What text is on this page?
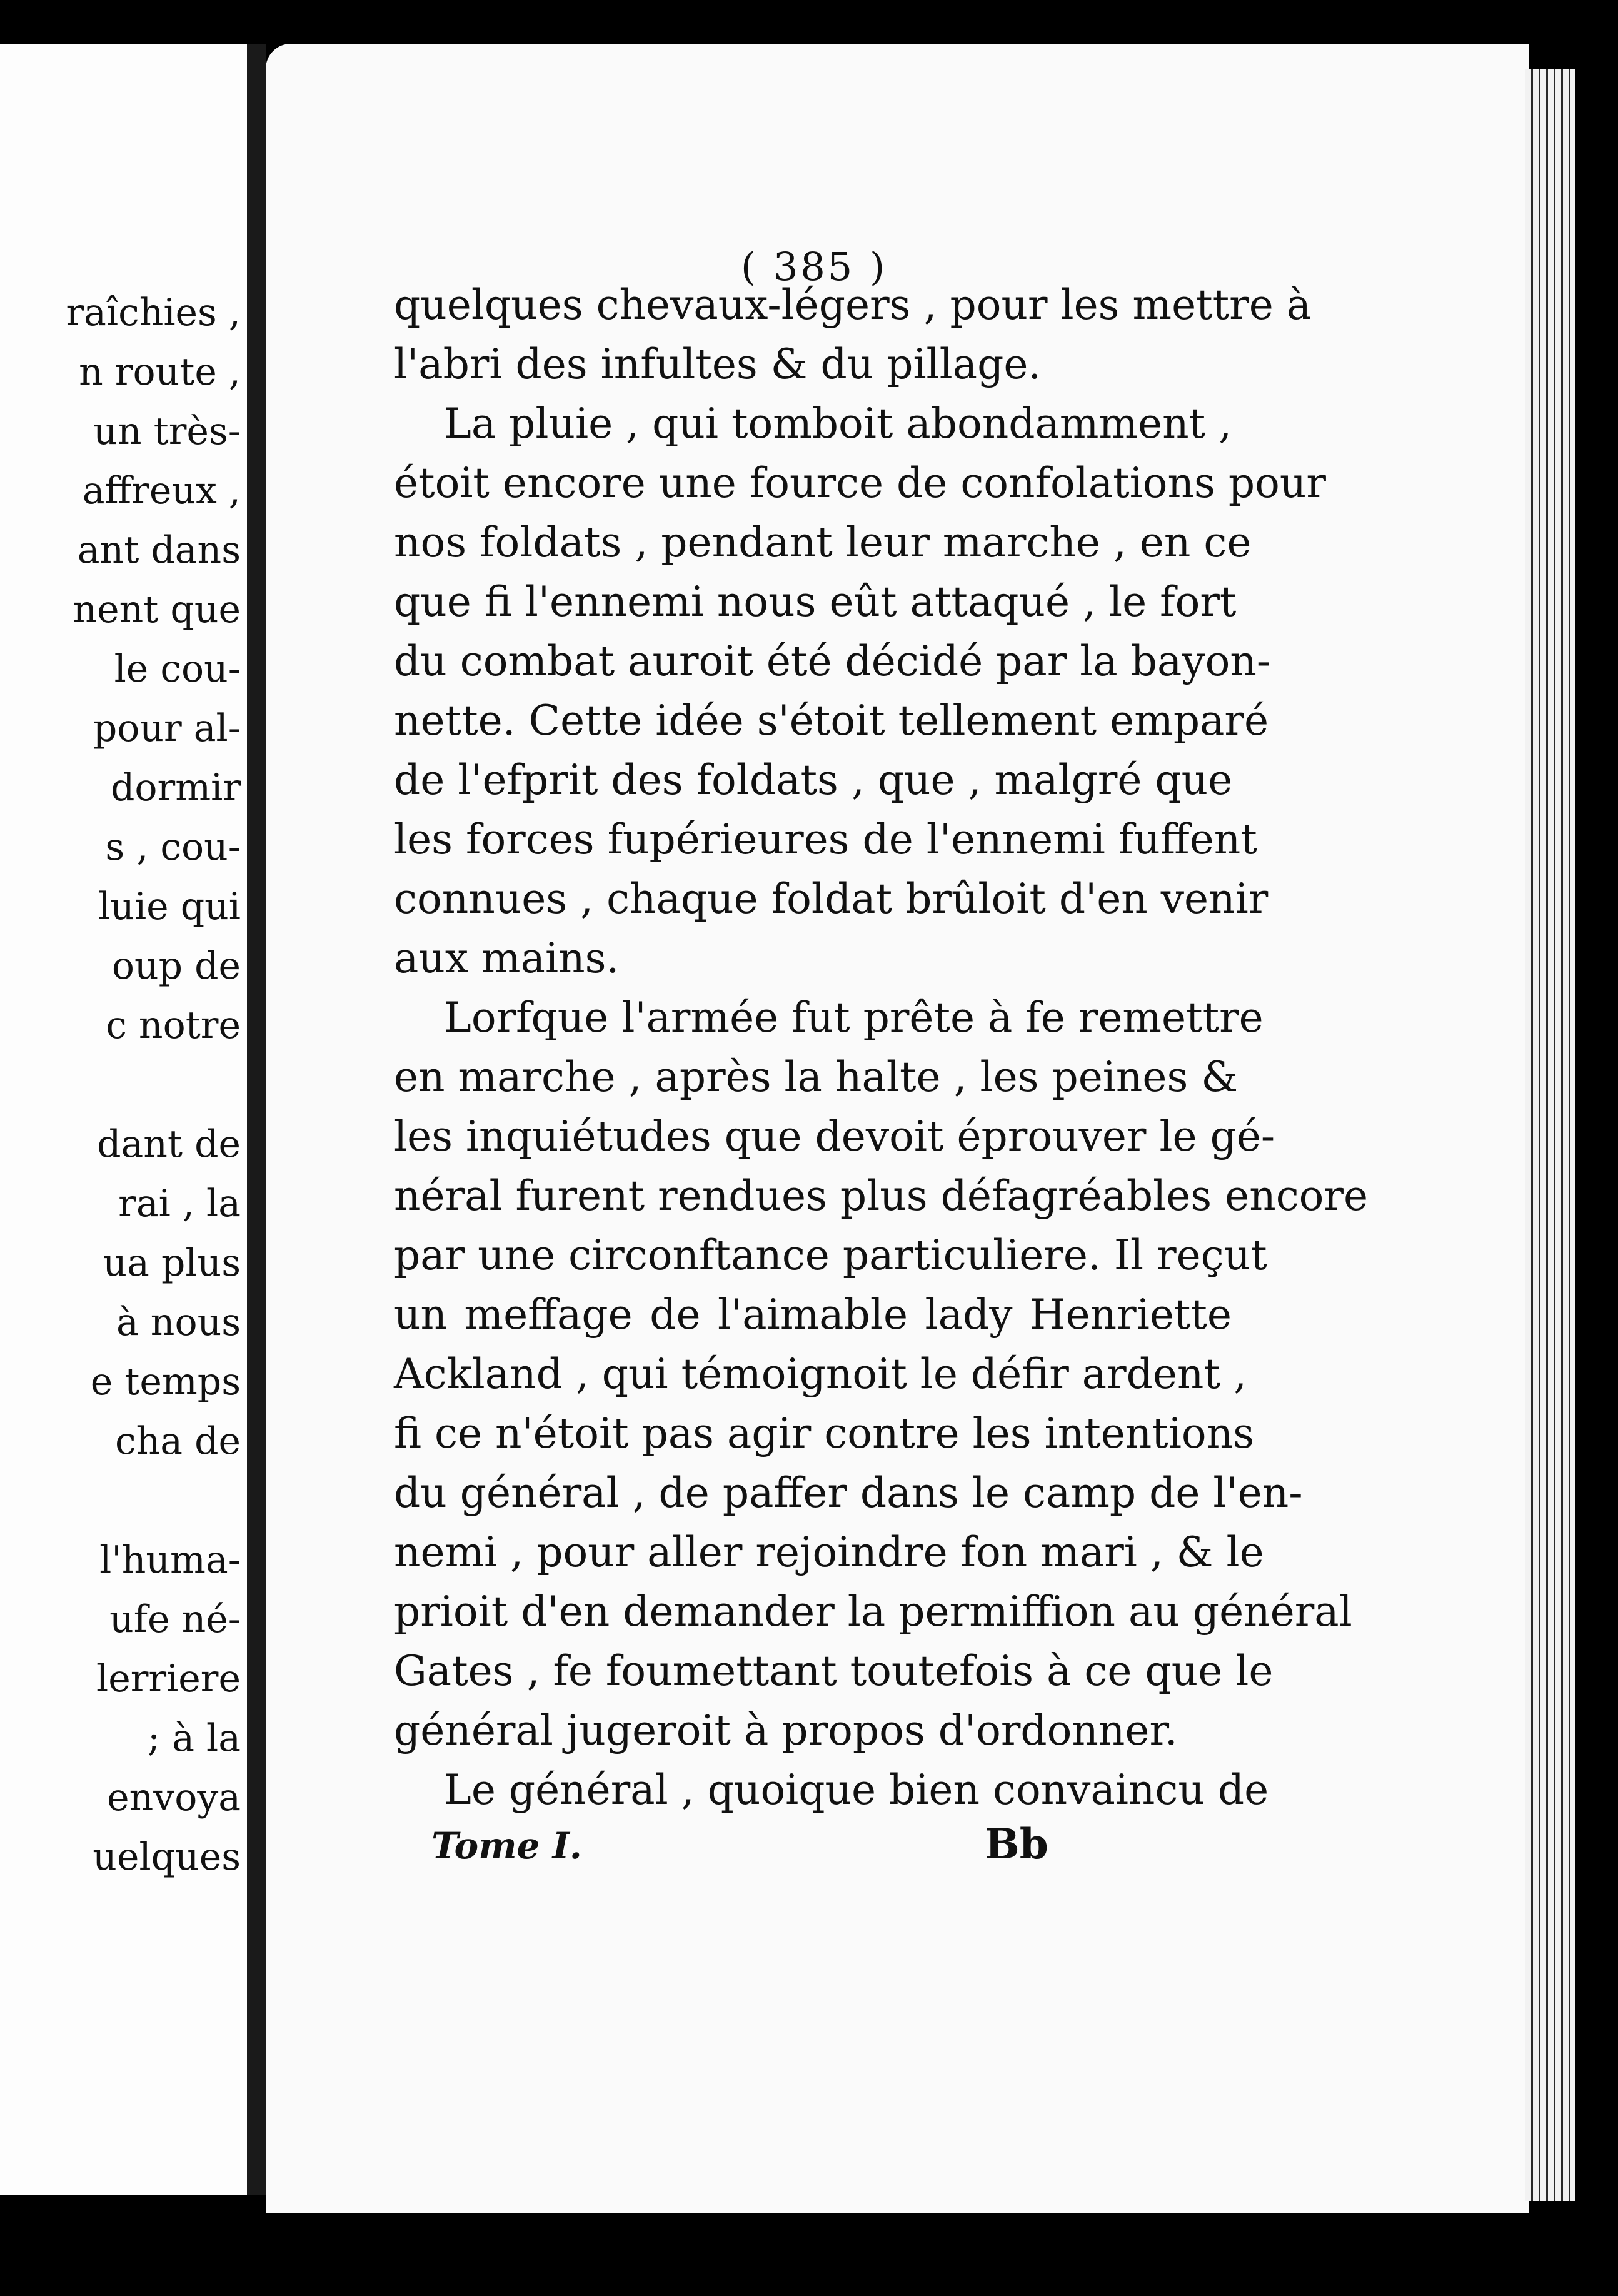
raîchies ,
n route ,
un très-
affreux ,
ant dans
nent que
le cou-
pour al-
dormir
s , cou-
luie qui
oup de
c notre
dant de
rai , la
ua plus
à nous
e temps
cha de
l'huma-
ufe né-
lerriere
; à la
envoya
uelques
( 385 )
quelques chevaux-légers , pour les mettre à
l'abri des infultes & du pillage.
La pluie , qui tomboit abondamment ,
étoit encore une fource de confolations pour
nos foldats , pendant leur marche , en ce
que fi l'ennemi nous eût attaqué , le fort
du combat auroit été décidé par la bayon-
nette. Cette idée s'étoit tellement emparé
de l'efprit des foldats , que , malgré que
les forces fupérieures de l'ennemi fuffent
connues , chaque foldat brûloit d'en venir
aux mains.
Lorfque l'armée fut prête à fe remettre
en marche , après la halte , les peines &
les inquiétudes que devoit éprouver le gé-
néral furent rendues plus défagréables encore
par une circonftance particuliere. Il reçut
un meffage de l'aimable lady Henriette
Ackland , qui témoignoit le défir ardent ,
fi ce n'étoit pas agir contre les intentions
du général , de paffer dans le camp de l'en-
nemi , pour aller rejoindre fon mari , & le
prioit d'en demander la permiffion au général
Gates , fe foumettant toutefois à ce que le
général jugeroit à propos d'ordonner.
Le général , quoique bien convaincu de
Tome I.	Bb
